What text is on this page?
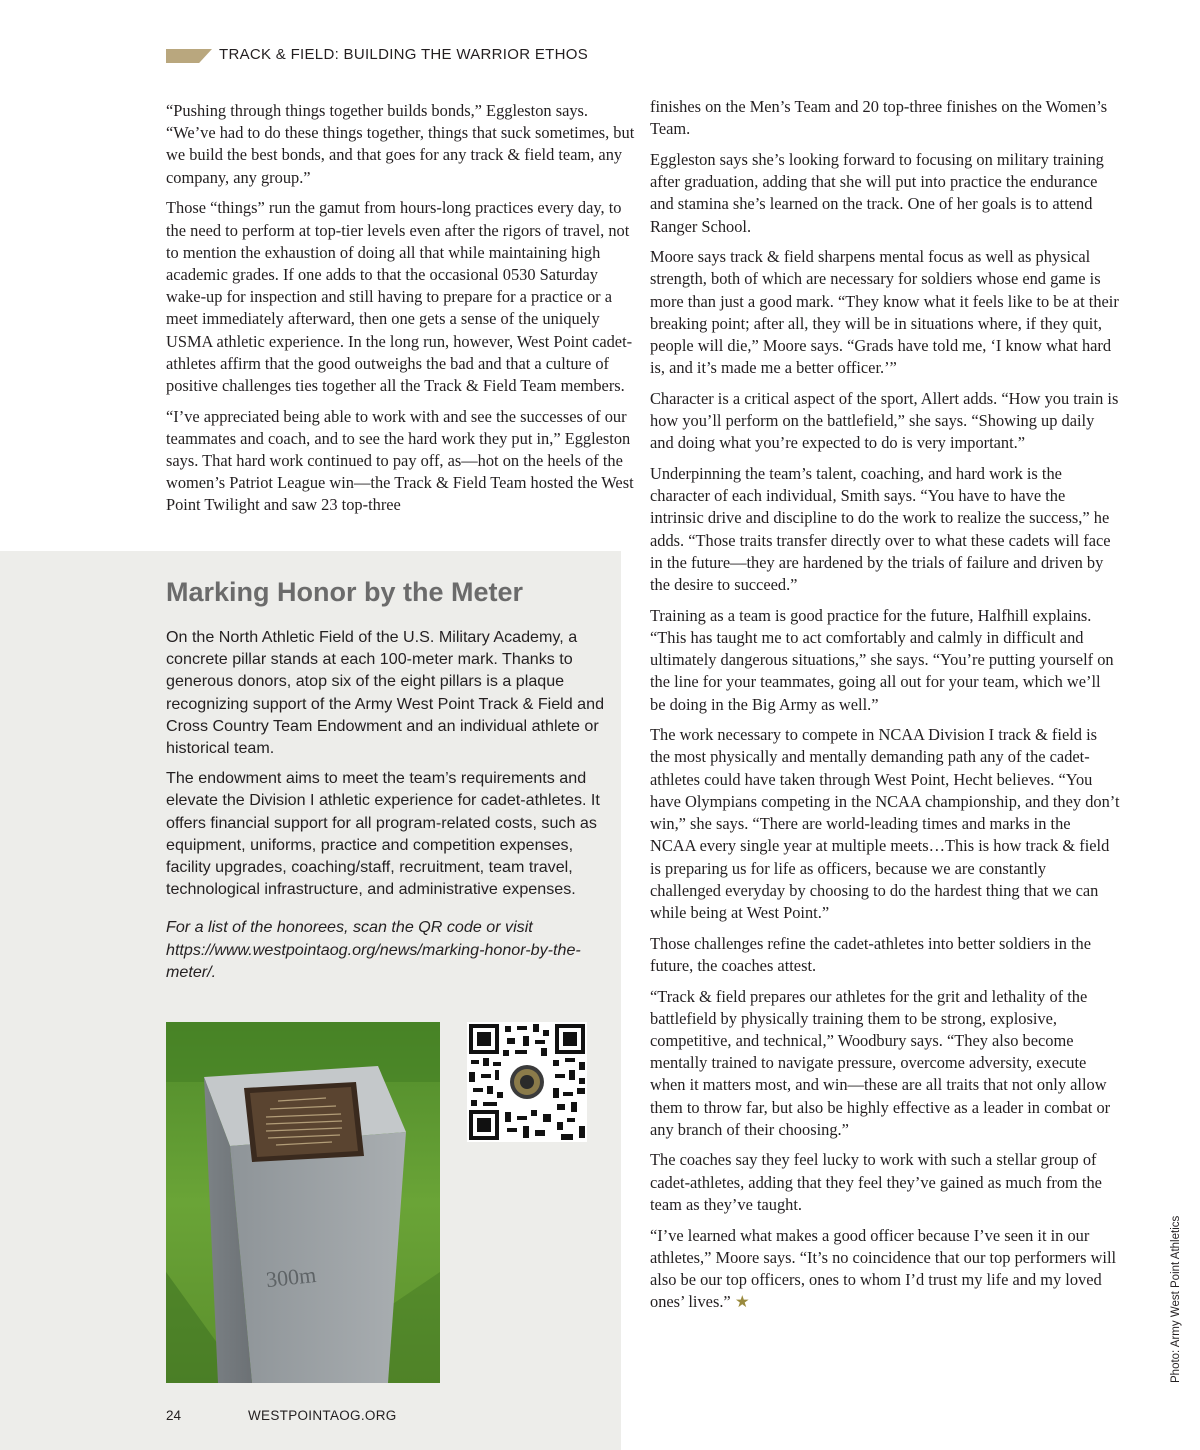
TRACK & FIELD: BUILDING THE WARRIOR ETHOS

“Pushing through things together builds bonds,” Eggleston says. “We’ve had to do these things together, things that suck sometimes, but we build the best bonds, and that goes for any track & field team, any company, any group.”

Those “things” run the gamut from hours-long practices every day, to the need to perform at top-tier levels even after the rigors of travel, not to mention the exhaustion of doing all that while maintaining high academic grades. If one adds to that the occasional 0530 Saturday wake-up for inspection and still having to prepare for a practice or a meet immediately afterward, then one gets a sense of the uniquely USMA athletic experience. In the long run, however, West Point cadet-athletes affirm that the good outweighs the bad and that a culture of positive challenges ties together all the Track & Field Team members.

“I’ve appreciated being able to work with and see the successes of our teammates and coach, and to see the hard work they put in,” Eggleston says. That hard work continued to pay off, as—hot on the heels of the women’s Patriot League win—the Track & Field Team hosted the West Point Twilight and saw 23 top-three

finishes on the Men’s Team and 20 top-three finishes on the Women’s Team.

Eggleston says she’s looking forward to focusing on military training after graduation, adding that she will put into practice the endurance and stamina she’s learned on the track. One of her goals is to attend Ranger School.

Moore says track & field sharpens mental focus as well as physical strength, both of which are necessary for soldiers whose end game is more than just a good mark. “They know what it feels like to be at their breaking point; after all, they will be in situations where, if they quit, people will die,” Moore says. “Grads have told me, ‘I know what hard is, and it’s made me a better officer.’”

Character is a critical aspect of the sport, Allert adds. “How you train is how you’ll perform on the battlefield,” she says. “Showing up daily and doing what you’re expected to do is very important.”

Underpinning the team’s talent, coaching, and hard work is the character of each individual, Smith says. “You have to have the intrinsic drive and discipline to do the work to realize the success,” he adds. “Those traits transfer directly over to what these cadets will face in the future—they are hardened by the trials of failure and driven by the desire to succeed.”

Training as a team is good practice for the future, Halfhill explains. “This has taught me to act comfortably and calmly in difficult and ultimately dangerous situations,” she says. “You’re putting yourself on the line for your teammates, going all out for your team, which we’ll be doing in the Big Army as well.”

The work necessary to compete in NCAA Division I track & field is the most physically and mentally demanding path any of the cadet-athletes could have taken through West Point, Hecht believes. “You have Olympians competing in the NCAA championship, and they don’t win,” she says. “There are world-leading times and marks in the NCAA every single year at multiple meets…This is how track & field is preparing us for life as officers, because we are constantly challenged everyday by choosing to do the hardest thing that we can while being at West Point.”

Those challenges refine the cadet-athletes into better soldiers in the future, the coaches attest.

“Track & field prepares our athletes for the grit and lethality of the battlefield by physically training them to be strong, explosive, competitive, and technical,” Woodbury says. “They also become mentally trained to navigate pressure, overcome adversity, execute when it matters most, and win—these are all traits that not only allow them to throw far, but also be highly effective as a leader in combat or any branch of their choosing.”

The coaches say they feel lucky to work with such a stellar group of cadet-athletes, adding that they feel they’ve gained as much from the team as they’ve taught.

“I’ve learned what makes a good officer because I’ve seen it in our athletes,” Moore says. “It’s no coincidence that our top performers will also be our top officers, ones to whom I’d trust my life and my loved ones’ lives.” ★

Marking Honor by the Meter

On the North Athletic Field of the U.S. Military Academy, a concrete pillar stands at each 100-meter mark. Thanks to generous donors, atop six of the eight pillars is a plaque recognizing support of the Army West Point Track & Field and Cross Country Team Endowment and an individual athlete or historical team.

The endowment aims to meet the team’s requirements and elevate the Division I athletic experience for cadet-athletes. It offers financial support for all program-related costs, such as equipment, uniforms, practice and competition expenses, facility upgrades, coaching/staff, recruitment, team travel, technological infrastructure, and administrative expenses.

For a list of the honorees, scan the QR code or visit https://www.westpointaog.org/news/marking-honor-by-the-meter/.

300m
24	WESTPOINTAOG.ORG
Photo: Army West Point Athletics
